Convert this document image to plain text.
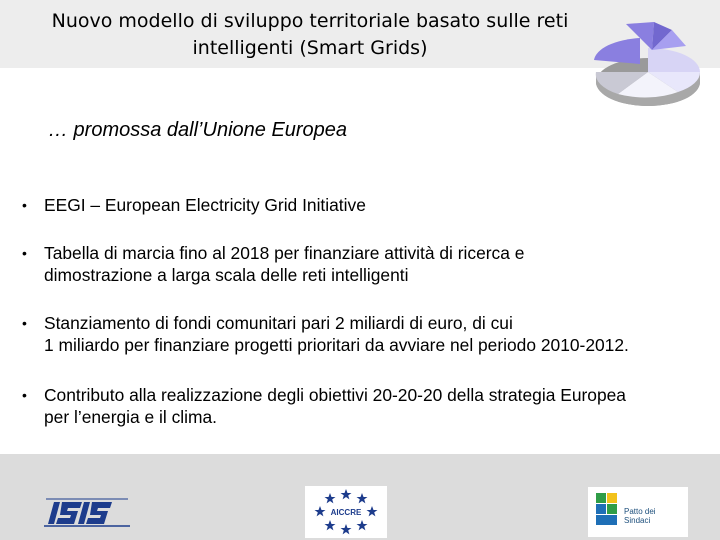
Nuovo modello di sviluppo territoriale basato sulle reti
intelligenti (Smart Grids)
… promossa dall’Unione Europea
• EEGI – European Electricity Grid Initiative
• Tabella di marcia fino al 2018 per finanziare attività di ricerca e
dimostrazione a larga scala delle reti intelligenti
• Stanziamento di fondi comunitari pari 2 miliardi di euro, di cui
1 miliardo per finanziare progetti prioritari da avviare nel periodo 2010-2012.
• Contributo alla realizzazione degli obiettivi 20-20-20 della strategia Europea
per l’energia e il clima.
AICCRE	Patto dei
Sindaci
